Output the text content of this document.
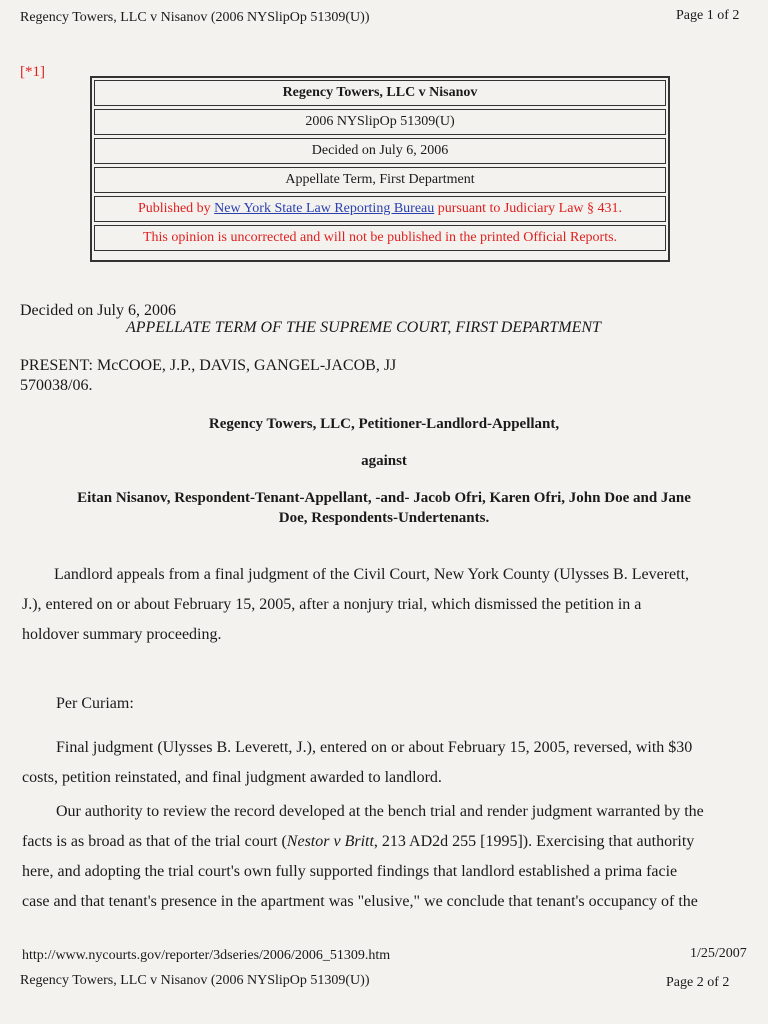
Regency Towers, LLC v Nisanov (2006 NYSlipOp 51309(U))	Page 1 of 2
[*1]
Regency Towers, LLC v Nisanov
2006 NYSlipOp 51309(U)
Decided on July 6, 2006
Appellate Term, First Department
Published by
New York State Law Reporting Bureau
pursuant to Judiciary Law § 431.
This opinion is uncorrected and will not be published in the printed Official Reports.
Decided on July 6, 2006
APPELLATE TERM OF THE SUPREME COURT, FIRST DEPARTMENT
PRESENT: McCOOE, J.P., DAVIS, GANGEL-JACOB, JJ
570038/06.
Regency Towers, LLC, Petitioner-Landlord-Appellant,
against
Eitan Nisanov, Respondent-Tenant-Appellant, -and- Jacob Ofri, Karen Ofri, John Doe and Jane
Doe, Respondents-Undertenants.
Landlord appeals from a final judgment of the Civil Court, New York County (Ulysses B. Leverett,
J.), entered on or about February 15, 2005, after a nonjury trial, which dismissed the petition in a
holdover summary proceeding.
Per Curiam:
Final judgment (Ulysses B. Leverett, J.), entered on or about February 15, 2005, reversed, with $30
costs, petition reinstated, and final judgment awarded to landlord.
Our authority to review the record developed at the bench trial and render judgment warranted by the
facts is as broad as that of the trial court (Nestor v Britt, 213 AD2d 255 [1995]). Exercising that authority
here, and adopting the trial court's own fully supported findings that landlord established a prima facie
case and that tenant's presence in the apartment was "elusive," we conclude that tenant's occupancy of the
http://www.nycourts.gov/reporter/3dseries/2006/2006_51309.htm	1/25/2007
Regency Towers, LLC v Nisanov (2006 NYSlipOp 51309(U))	Page 2 of 2
